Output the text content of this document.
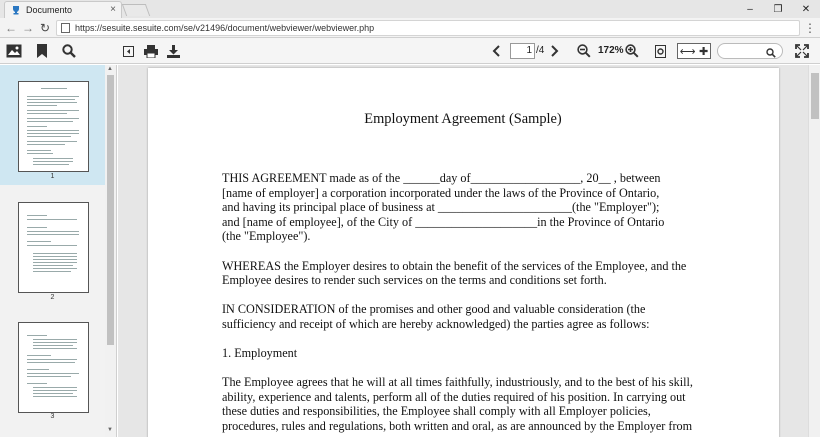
Documento	×	–	❐	✕
← → ↻	https://sesuite.sesuite.com/se/v21496/document/webviewer/webviewer.php	⋮
1 /4	172%	⟷ ✚
1
2
3
▲
▼
Employment Agreement (Sample)
THIS AGREEMENT made as of the ______day of__________________, 20__ , between
[name of employer] a corporation incorporated under the laws of the Province of Ontario,
and having its principal place of business at ______________________(the "Employer");
and [name of employee], of the City of ____________________in the Province of Ontario
(the "Employee").
WHEREAS the Employer desires to obtain the benefit of the services of the Employee, and the
Employee desires to render such services on the terms and conditions set forth.
IN CONSIDERATION of the promises and other good and valuable consideration (the
sufficiency and receipt of which are hereby acknowledged) the parties agree as follows:
1. Employment
The Employee agrees that he will at all times faithfully, industriously, and to the best of his skill,
ability, experience and talents, perform all of the duties required of his position. In carrying out
these duties and responsibilities, the Employee shall comply with all Employer policies,
procedures, rules and regulations, both written and oral, as are announced by the Employer from
